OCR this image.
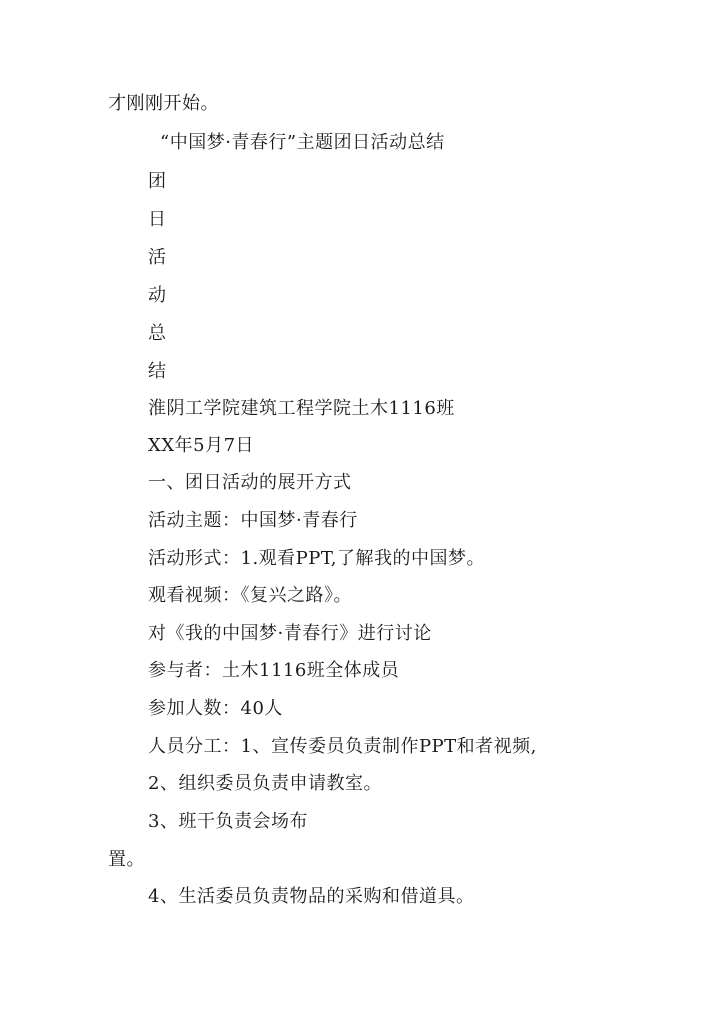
才刚刚开始。
“中国梦·青春行”主题团日活动总结
团
日
活
动
总
结
淮阴工学院建筑工程学院土木1116班
XX年5月7日
一、团日活动的展开方式
活动主题：中国梦·青春行
活动形式：1.观看PPT,了解我的中国梦。
观看视频：《复兴之路》。
对《我的中国梦·青春行》进行讨论
参与者：土木1116班全体成员
参加人数：40人
人员分工：1、宣传委员负责制作PPT和者视频,
2、组织委员负责申请教室。
3、班干负责会场布
置。
4、生活委员负责物品的采购和借道具。
